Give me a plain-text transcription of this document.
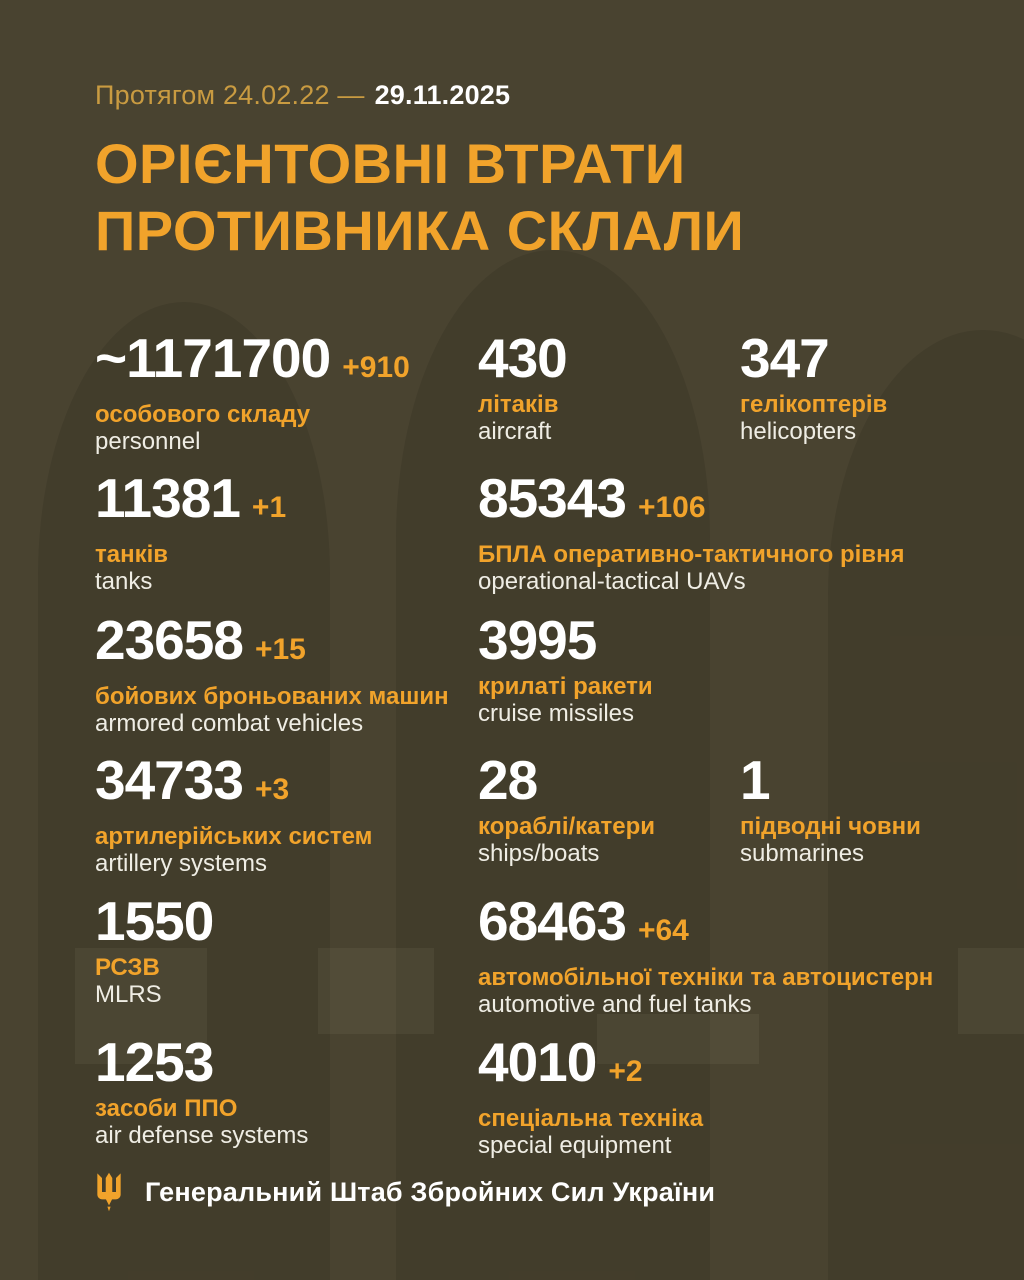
Протягом 24.02.22 — 29.11.2025
ОРІЄНТОВНІ ВТРАТИ
ПРОТИВНИКА СКЛАЛИ
~1171700 +910
особового складу
personnel
430
літаків
aircraft
347
гелікоптерів
helicopters
11381 +1
танків
tanks
85343 +106
БПЛА оперативно-тактичного рівня
operational-tactical UAVs
23658 +15
бойових броньованих машин
armored combat vehicles
3995
крилаті ракети
cruise missiles
34733 +3
артилерійських систем
artillery systems
28
кораблі/катери
ships/boats
1
підводні човни
submarines
1550
РСЗВ
MLRS
68463 +64
автомобільної техніки та автоцистерн
automotive and fuel tanks
1253
засоби ППО
air defense systems
4010 +2
спеціальна техніка
special equipment
Генеральний Штаб Збройних Сил України
